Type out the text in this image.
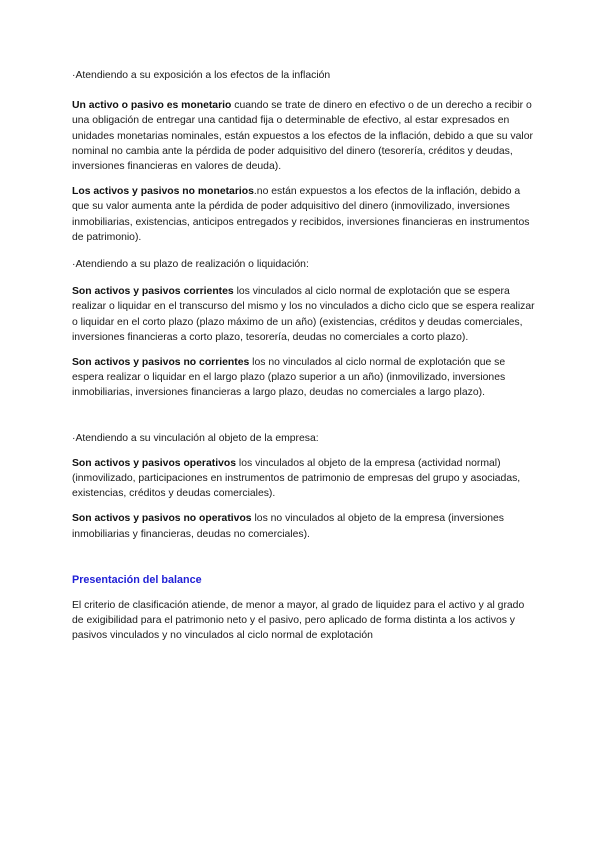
·Atendiendo a su exposición a los efectos de la inflación

Un activo o pasivo es monetario cuando se trate de dinero en efectivo o de un derecho a recibir o una obligación de entregar una cantidad fija o determinable de efectivo, al estar expresados en unidades monetarias nominales, están expuestos a los efectos de la inflación, debido a que su valor nominal no cambia ante la pérdida de poder adquisitivo del dinero (tesorería, créditos y deudas, inversiones financieras en valores de deuda).

Los activos y pasivos no monetarios.no están expuestos a los efectos de la inflación, debido a que su valor aumenta ante la pérdida de poder adquisitivo del dinero (inmovilizado, inversiones inmobiliarias, existencias, anticipos entregados y recibidos, inversiones financieras en instrumentos de patrimonio).

·Atendiendo a su plazo de realización o liquidación:

Son activos y pasivos corrientes los vinculados al ciclo normal de explotación que se espera realizar o liquidar en el transcurso del mismo y los no vinculados a dicho ciclo que se espera realizar o liquidar en el corto plazo (plazo máximo de un año) (existencias, créditos y deudas comerciales, inversiones financieras a corto plazo, tesorería, deudas no comerciales a corto plazo).

Son activos y pasivos no corrientes los no vinculados al ciclo normal de explotación que se espera realizar o liquidar en el largo plazo (plazo superior a un año) (inmovilizado, inversiones inmobiliarias, inversiones financieras a largo plazo, deudas no comerciales a largo plazo).

·Atendiendo a su vinculación al objeto de la empresa:

Son activos y pasivos operativos los vinculados al objeto de la empresa (actividad normal) (inmovilizado, participaciones en instrumentos de patrimonio de empresas del grupo y asociadas, existencias, créditos y deudas comerciales).

Son activos y pasivos no operativos los no vinculados al objeto de la empresa (inversiones inmobiliarias y financieras, deudas no comerciales).

Presentación del balance

El criterio de clasificación atiende, de menor a mayor, al grado de liquidez para el activo y al grado de exigibilidad para el patrimonio neto y el pasivo, pero aplicado de forma distinta a los activos y pasivos vinculados y no vinculados al ciclo normal de explotación
